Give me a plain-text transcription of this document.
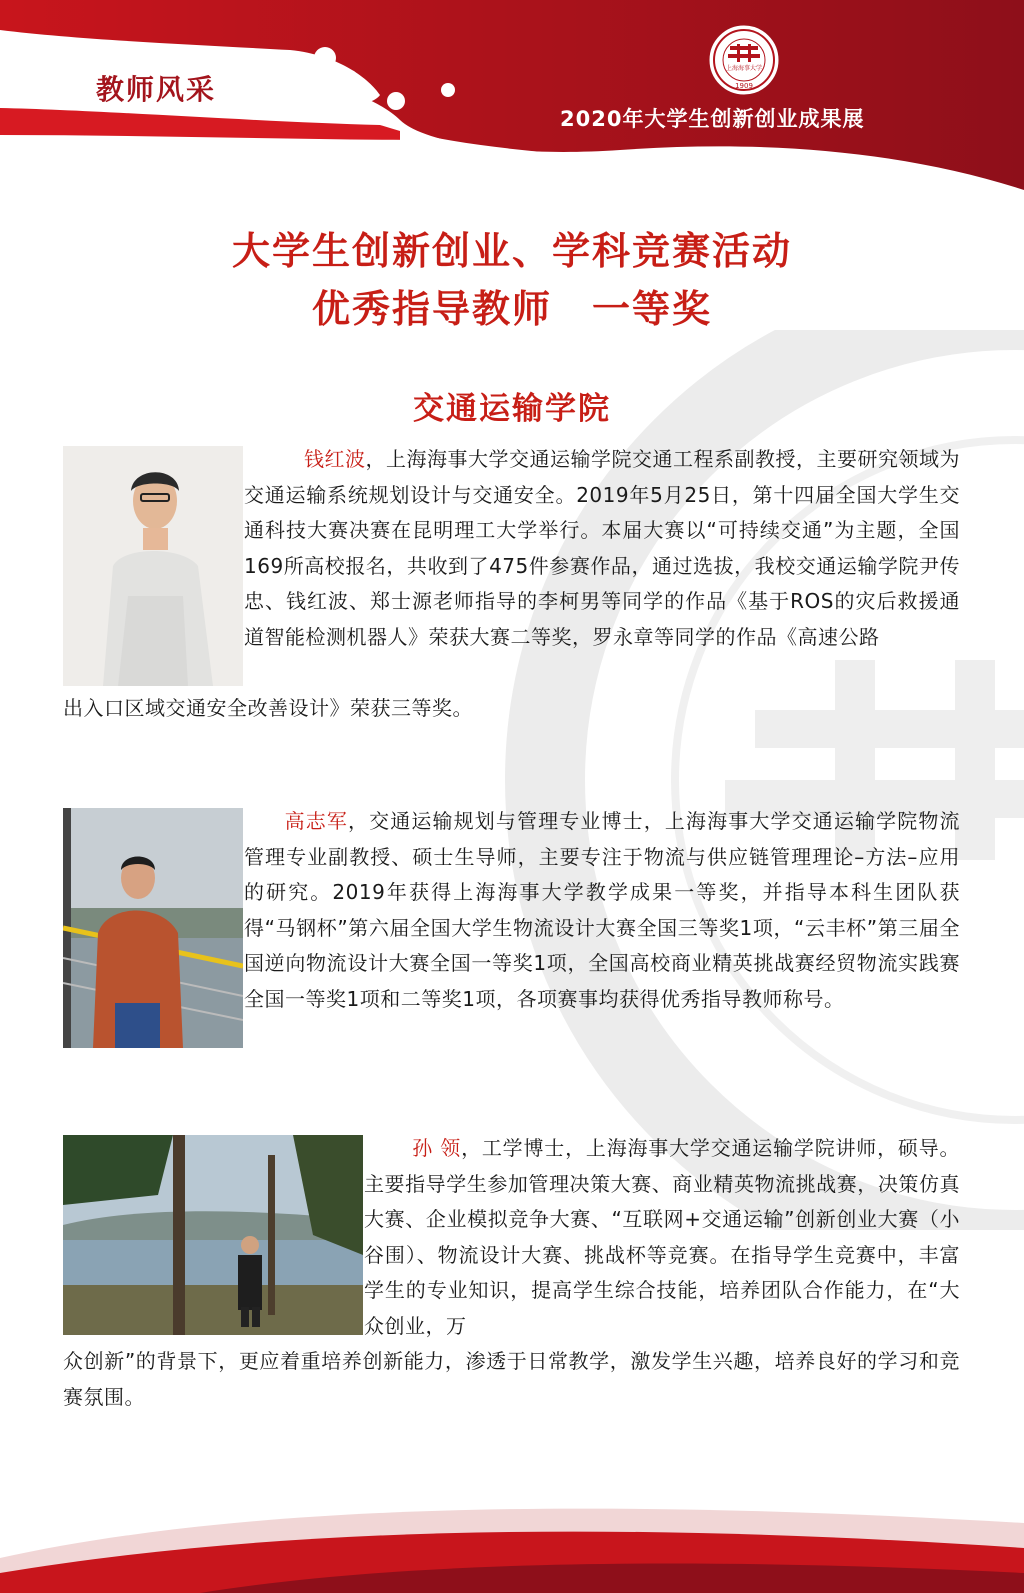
教师风采
2020年大学生创新创业成果展
上海海事大学
1909
大学生创新创业、学科竞赛活动
优秀指导教师　一等奖
交通运输学院

钱红波，上海海事大学交通运输学院交通工程系副教授，主要研究领域为交通运输系统规划设计与交通安全。2019年5月25日，第十四届全国大学生交通科技大赛决赛在昆明理工大学举行。本届大赛以“可持续交通”为主题，全国169所高校报名，共收到了475件参赛作品，通过选拔，我校交通运输学院尹传忠、钱红波、郑士源老师指导的李柯男等同学的作品《基于ROS的灾后救援通道智能检测机器人》荣获大赛二等奖，罗永章等同学的作品《高速公路

出入口区域交通安全改善设计》荣获三等奖。

高志军，交通运输规划与管理专业博士，上海海事大学交通运输学院物流管理专业副教授、硕士生导师，主要专注于物流与供应链管理理论–方法–应用的研究。2019年获得上海海事大学教学成果一等奖，并指导本科生团队获得“马钢杯”第六届全国大学生物流设计大赛全国三等奖1项，“云丰杯”第三届全国逆向物流设计大赛全国一等奖1项，全国高校商业精英挑战赛经贸物流实践赛全国一等奖1项和二等奖1项，各项赛事均获得优秀指导教师称号。

孙 领，工学博士，上海海事大学交通运输学院讲师，硕导。主要指导学生参加管理决策大赛、商业精英物流挑战赛，决策仿真大赛、企业模拟竞争大赛、“互联网+交通运输”创新创业大赛（小谷围）、物流设计大赛、挑战杯等竞赛。在指导学生竞赛中，丰富学生的专业知识，提高学生综合技能，培养团队合作能力，在“大众创业，万

众创新”的背景下，更应着重培养创新能力，渗透于日常教学，激发学生兴趣，培养良好的学习和竞赛氛围。
